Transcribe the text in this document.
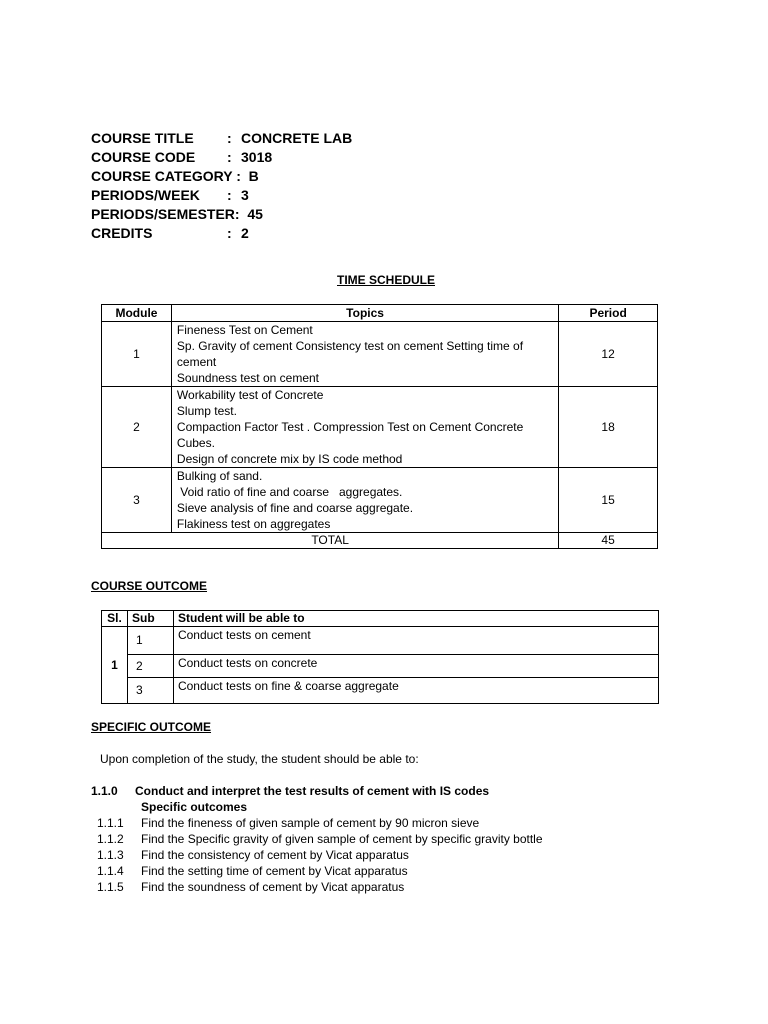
COURSE TITLE : CONCRETE LAB
COURSE CODE : 3018
COURSE CATEGORY : B
PERIODS/WEEK : 3
PERIODS/SEMESTER: 45
CREDITS	: 2
TIME SCHEDULE
Module	Topics	Period
1	Fineness Test on Cement
Sp. Gravity of cement Consistency test on cement Setting time of cement
Soundness test on cement	12
2	Workability test of Concrete
Slump test.
Compaction Factor Test . Compression Test on Cement Concrete Cubes.
Design of concrete mix by IS code method	18
3	Bulking of sand.
Void ratio of fine and coarse   aggregates.
Sieve analysis of fine and coarse aggregate.
Flakiness test on aggregates	15
TOTAL		45
COURSE OUTCOME
Sl.	Sub	Student will be able to
1	1	Conduct tests on cement
	2	Conduct tests on concrete
	3	Conduct tests on fine & coarse aggregate
SPECIFIC OUTCOME
Upon completion of the study, the student should be able to:
1.1.0 Conduct and interpret the test results of cement with IS codes
Specific outcomes
1.1.1 Find the fineness of given sample of cement by 90 micron sieve
1.1.2 Find the Specific gravity of given sample of cement by specific gravity bottle
1.1.3 Find the consistency of cement by Vicat apparatus
1.1.4 Find the setting time of cement by Vicat apparatus
1.1.5 Find the soundness of cement by Vicat apparatus
